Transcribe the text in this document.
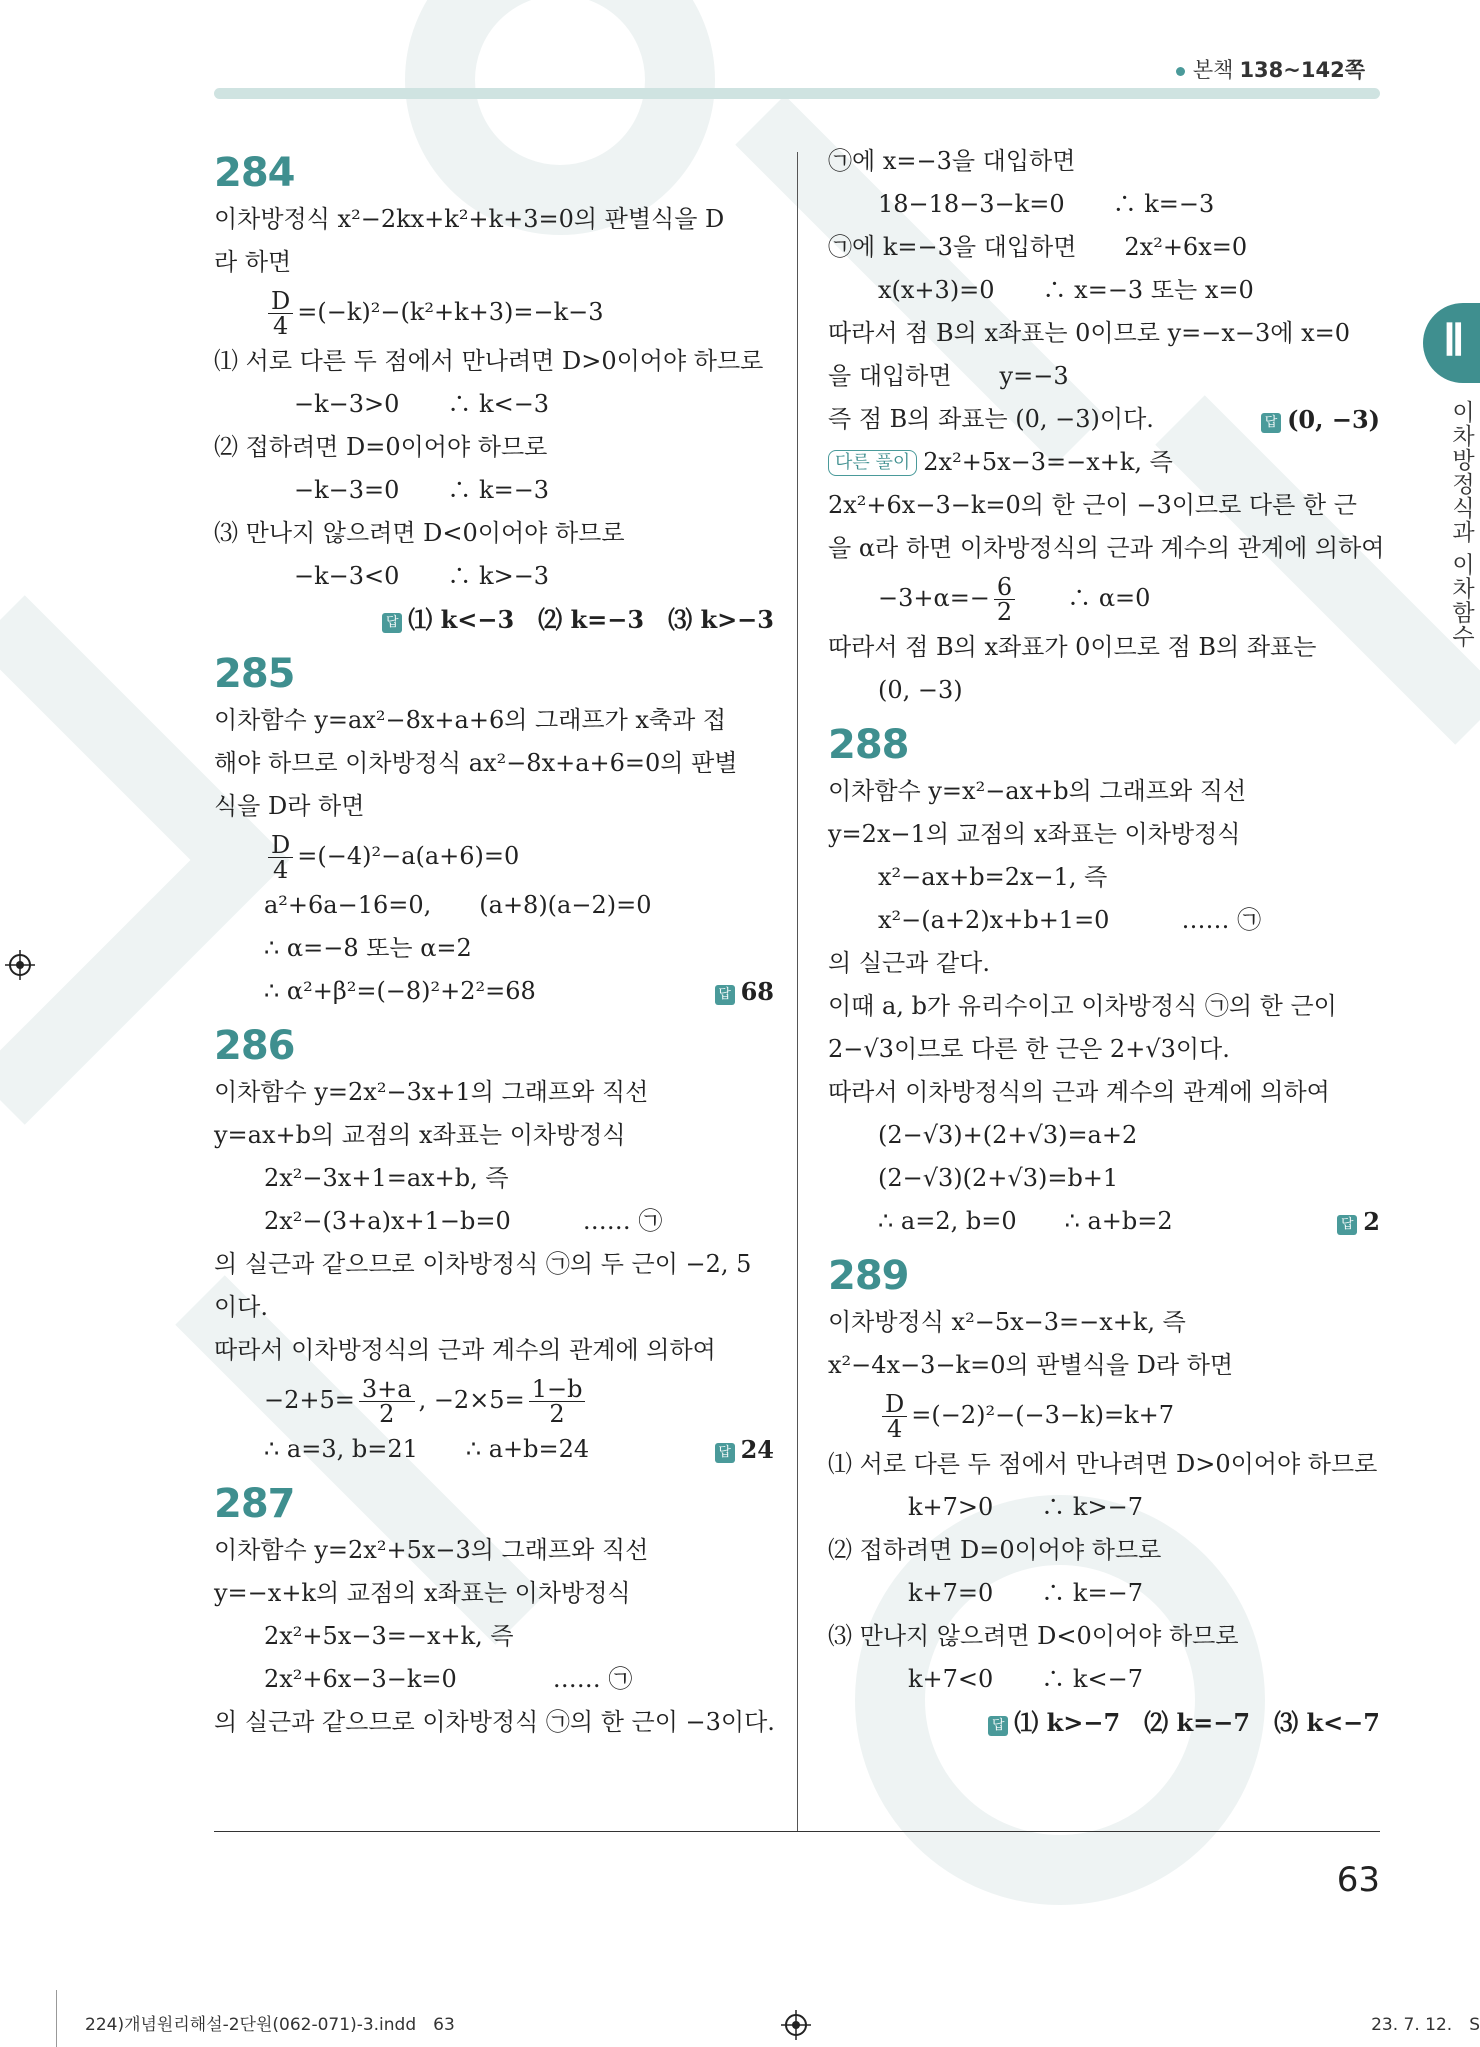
본책 138~142쪽
Ⅱ
이차방정식과 이차함수
284
이차방정식 x²−2kx+k²+k+3=0의 판별식을 D
라 하면
$\frac{D}{4} =(-k)^2-(k^2+k+3)=-k-3$
⑴ 서로 다른 두 점에서 만나려면 D>0이어야 하므로
−k−3>0　　∴ k<−3
⑵ 접하려면 D=0이어야 하므로
−k−3=0　　∴ k=−3
⑶ 만나지 않으려면 D<0이어야 하므로
−k−3<0　　∴ k>−3
답 ⑴ k<−3　⑵ k=−3　⑶ k>−3
285
이차함수 y=ax²−8x+a+6의 그래프가 x축과 접
해야 하므로 이차방정식 ax²−8x+a+6=0의 판별
식을 D라 하면
$\frac{D}{4} =(-4)^2-a(a+6)=0$
a²+6a−16=0,　　(a+8)(a−2)=0
∴ α=−8 또는 α=2
∴ α²+β²=(−8)²+2²=68	답 68
286
이차함수 y=2x²−3x+1의 그래프와 직선
y=ax+b의 교점의 x좌표는 이차방정식
2x²−3x+1=ax+b, 즉
2x²−(3+a)x+1−b=0　　　…… ㉠
의 실근과 같으므로 이차방정식 ㉠의 두 근이 −2, 5
이다.
따라서 이차방정식의 근과 계수의 관계에 의하여
$-2+5= \frac{3+a}{2}$ , $-2\times 5= \frac{1-b}{2}$
∴ a=3, b=21　　∴ a+b=24	답 24
287
이차함수 y=2x²+5x−3의 그래프와 직선
y=−x+k의 교점의 x좌표는 이차방정식
2x²+5x−3=−x+k, 즉
2x²+6x−3−k=0　　　　…… ㉠
의 실근과 같으므로 이차방정식 ㉠의 한 근이 −3이다.
㉠에 x=−3을 대입하면
18−18−3−k=0　　∴ k=−3
㉠에 k=−3을 대입하면　　2x²+6x=0
x(x+3)=0　　∴ x=−3 또는 x=0
따라서 점 B의 x좌표는 0이므로 y=−x−3에 x=0
을 대입하면　　y=−3
즉 점 B의 좌표는 (0, −3)이다.	답 (0, −3)
다른 풀이 2x²+5x−3=−x+k, 즉
2x²+6x−3−k=0의 한 근이 −3이므로 다른 한 근
을 α라 하면 이차방정식의 근과 계수의 관계에 의하여
$-3+\alpha=- \frac{6}{2}$ 　　∴ α=0
따라서 점 B의 x좌표가 0이므로 점 B의 좌표는
(0, −3)
288
이차함수 y=x²−ax+b의 그래프와 직선
y=2x−1의 교점의 x좌표는 이차방정식
x²−ax+b=2x−1, 즉
x²−(a+2)x+b+1=0　　　…… ㉠
의 실근과 같다.
이때 a, b가 유리수이고 이차방정식 ㉠의 한 근이
2−√3이므로 다른 한 근은 2+√3이다.
따라서 이차방정식의 근과 계수의 관계에 의하여
(2−√3)+(2+√3)=a+2
(2−√3)(2+√3)=b+1
∴ a=2, b=0　　∴ a+b=2	답 2
289
이차방정식 x²−5x−3=−x+k, 즉
x²−4x−3−k=0의 판별식을 D라 하면
$\frac{D}{4} =(-2)^2-(-3-k)=k+7$
⑴ 서로 다른 두 점에서 만나려면 D>0이어야 하므로
k+7>0　　∴ k>−7
⑵ 접하려면 D=0이어야 하므로
k+7=0　　∴ k=−7
⑶ 만나지 않으려면 D<0이어야 하므로
k+7<0　　∴ k<−7
답 ⑴ k>−7　⑵ k=−7　⑶ k<−7
63
224)개념원리해설-2단원(062-071)-3.indd　63	23. 7. 12.　S
